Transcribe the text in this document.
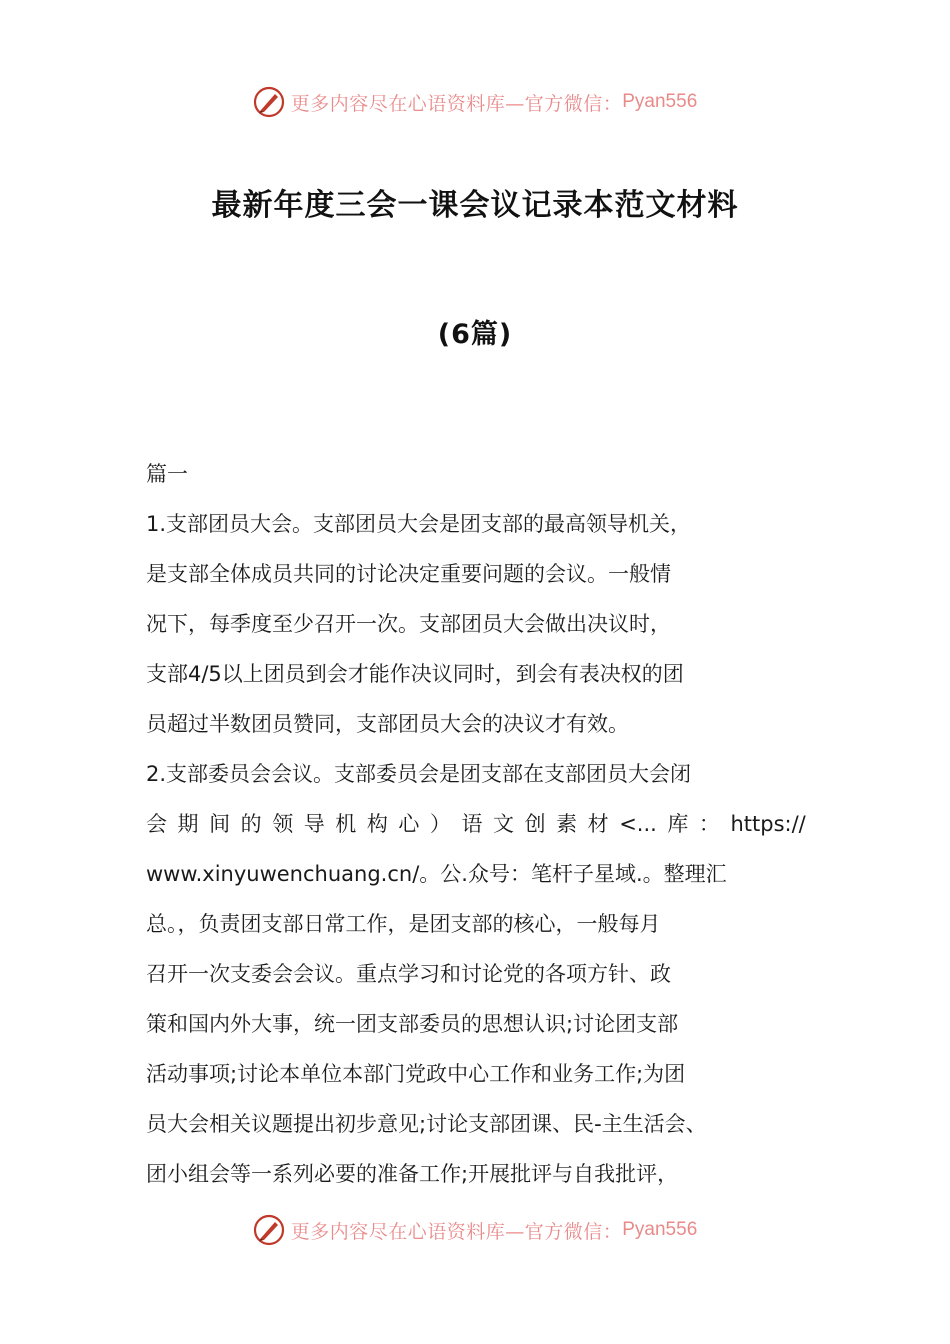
更多内容尽在心语资料库—官方微信： Pyan556
最新年度三会一课会议记录本范文材料
(6篇)
篇一
1.支部团员大会。支部团员大会是团支部的最高领导机关，
是支部全体成员共同的讨论决定重要问题的会议。一般情
况下，每季度至少召开一次。支部团员大会做出决议时，
支部4/5以上团员到会才能作决议同时，到会有表决权的团
员超过半数团员赞同，支部团员大会的决议才有效。
2.支部委员会会议。支部委员会是团支部在支部团员大会闭
会 期 间 的 领 导 机 构 心 ） 语 文 创 素 材 <... 库 ： https://
www.xinyuwenchuang.cn/。公.众号：笔杆子星域.。整理汇
总。，负责团支部日常工作，是团支部的核心，一般每月
召开一次支委会会议。重点学习和讨论党的各项方针、政
策和国内外大事，统一团支部委员的思想认识;讨论团支部
活动事项;讨论本单位本部门党政中心工作和业务工作;为团
员大会相关议题提出初步意见;讨论支部团课、民-主生活会、
团小组会等一系列必要的准备工作;开展批评与自我批评，
更多内容尽在心语资料库—官方微信： Pyan556
